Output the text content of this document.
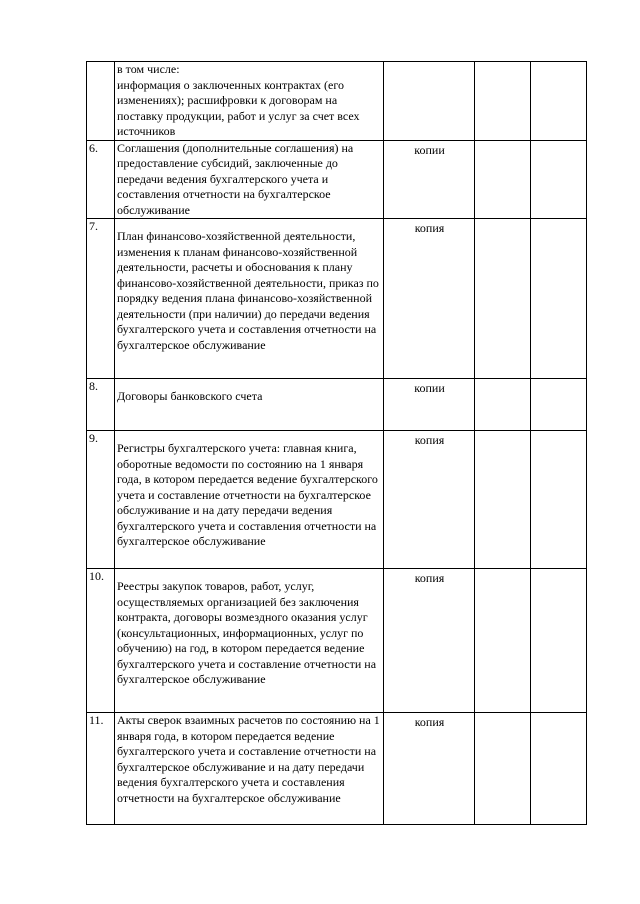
	в том числе:
информация о заключенных контрактах (его изменениях); расшифровки к договорам на поставку продукции, работ и услуг за счет всех источников			

6.	Соглашения (дополнительные соглашения) на предоставление субсидий, заключенные до передачи ведения бухгалтерского учета и составления отчетности на бухгалтерское обслуживание	копии		

7.	План финансово-хозяйственной деятельности, изменения к планам финансово-хозяйственной деятельности, расчеты и обоснования к плану финансово-хозяйственной деятельности, приказ по порядку ведения плана финансово-хозяйственной деятельности (при наличии) до передачи ведения бухгалтерского учета и составления отчетности на бухгалтерское обслуживание	копия		

8.	Договоры банковского счета	копии		

9.	Регистры бухгалтерского учета: главная книга, оборотные ведомости по состоянию на 1 января года, в котором передается ведение бухгалтерского учета и составление отчетности на бухгалтерское обслуживание и на дату передачи ведения бухгалтерского учета и составления отчетности на бухгалтерское обслуживание	копия		

10.	Реестры закупок товаров, работ, услуг, осуществляемых организацией без заключения контракта, договоры возмездного оказания услуг (консультационных, информационных, услуг по обучению) на год, в котором передается ведение бухгалтерского учета и составление отчетности на бухгалтерское обслуживание	копия		

11.	Акты сверок взаимных расчетов по состоянию на 1 января года, в котором передается ведение бухгалтерского учета и составление отчетности на бухгалтерское обслуживание и на дату передачи ведения бухгалтерского учета и составления отчетности на бухгалтерское обслуживание	копия		
